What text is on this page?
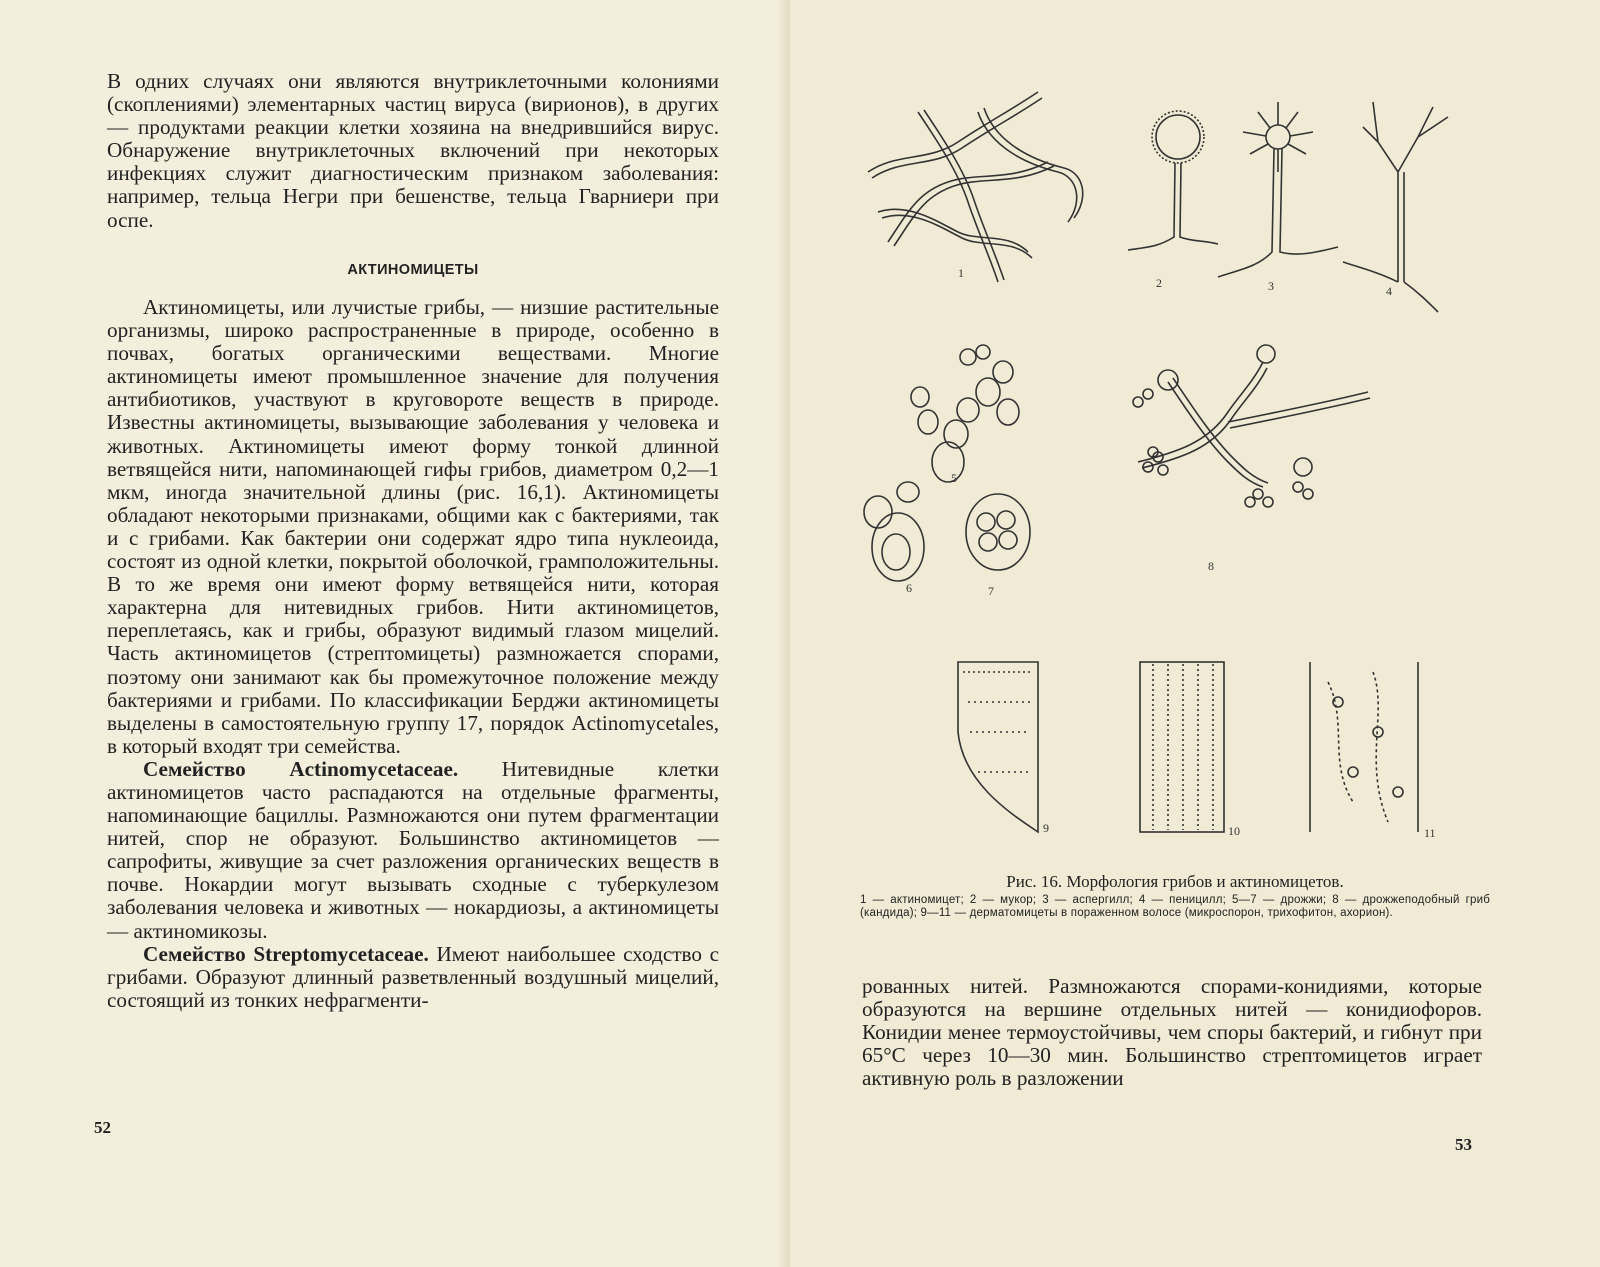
В одних случаях они являются внутриклеточными колониями (скоплениями) элементарных частиц вируса (вирионов), в других — продуктами реакции клетки хозяина на внедрившийся вирус. Обнаружение внутриклеточных включений при некоторых инфекциях служит диагностическим признаком заболевания: например, тельца Негри при бешенстве, тельца Гварниери при оспе.

АКТИНОМИЦЕТЫ

Актиномицеты, или лучистые грибы, — низшие растительные организмы, широко распространенные в природе, особенно в почвах, богатых органическими веществами. Многие актиномицеты имеют промышленное значение для получения антибиотиков, участвуют в круговороте веществ в природе. Известны актиномицеты, вызывающие заболевания у человека и животных. Актиномицеты имеют форму тонкой длинной ветвящейся нити, напоминающей гифы грибов, диаметром 0,2—1 мкм, иногда значительной длины (рис. 16,1). Актиномицеты обладают некоторыми признаками, общими как с бактериями, так и с грибами. Как бактерии они содержат ядро типа нуклеоида, состоят из одной клетки, покрытой оболочкой, грамположительны. В то же время они имеют форму ветвящейся нити, которая характерна для нитевидных грибов. Нити актиномицетов, переплетаясь, как и грибы, образуют видимый глазом мицелий. Часть актиномицетов (стрептомицеты) размножается спорами, поэтому они занимают как бы промежуточное положение между бактериями и грибами. По классификации Берджи актиномицеты выделены в самостоятельную группу 17, порядок Actinomycetales, в который входят три семейства.

Семейство Actinomycetaceae. Нитевидные клетки актиномицетов часто распадаются на отдельные фрагменты, напоминающие бациллы. Размножаются они путем фрагментации нитей, спор не образуют. Большинство актиномицетов — сапрофиты, живущие за счет разложения органических веществ в почве. Нокардии могут вызывать сходные с туберкулезом заболевания человека и животных — нокардиозы, а актиномицеты — актиномикозы.

Семейство Streptomycetaceae. Имеют наибольшее сходство с грибами. Образуют длинный разветвленный воздушный мицелий, состоящий из тонких нефрагменти-

52
1
2	3	4
5
6	7
8
9	10	11

Рис. 16. Морфология грибов и актиномицетов.

1 — актиномицет; 2 — мукор; 3 — аспергилл; 4 — пеницилл; 5—7 — дрожжи; 8 — дрожжеподобный гриб (кандида); 9—11 — дерматомицеты в пораженном волосе (микроспорон, трихофитон, ахорион).

рованных нитей. Размножаются спорами-конидиями, которые образуются на вершине отдельных нитей — конидиофоров. Конидии менее термоустойчивы, чем споры бактерий, и гибнут при 65°С через 10—30 мин. Большинство стрептомицетов играет активную роль в разложении

53
